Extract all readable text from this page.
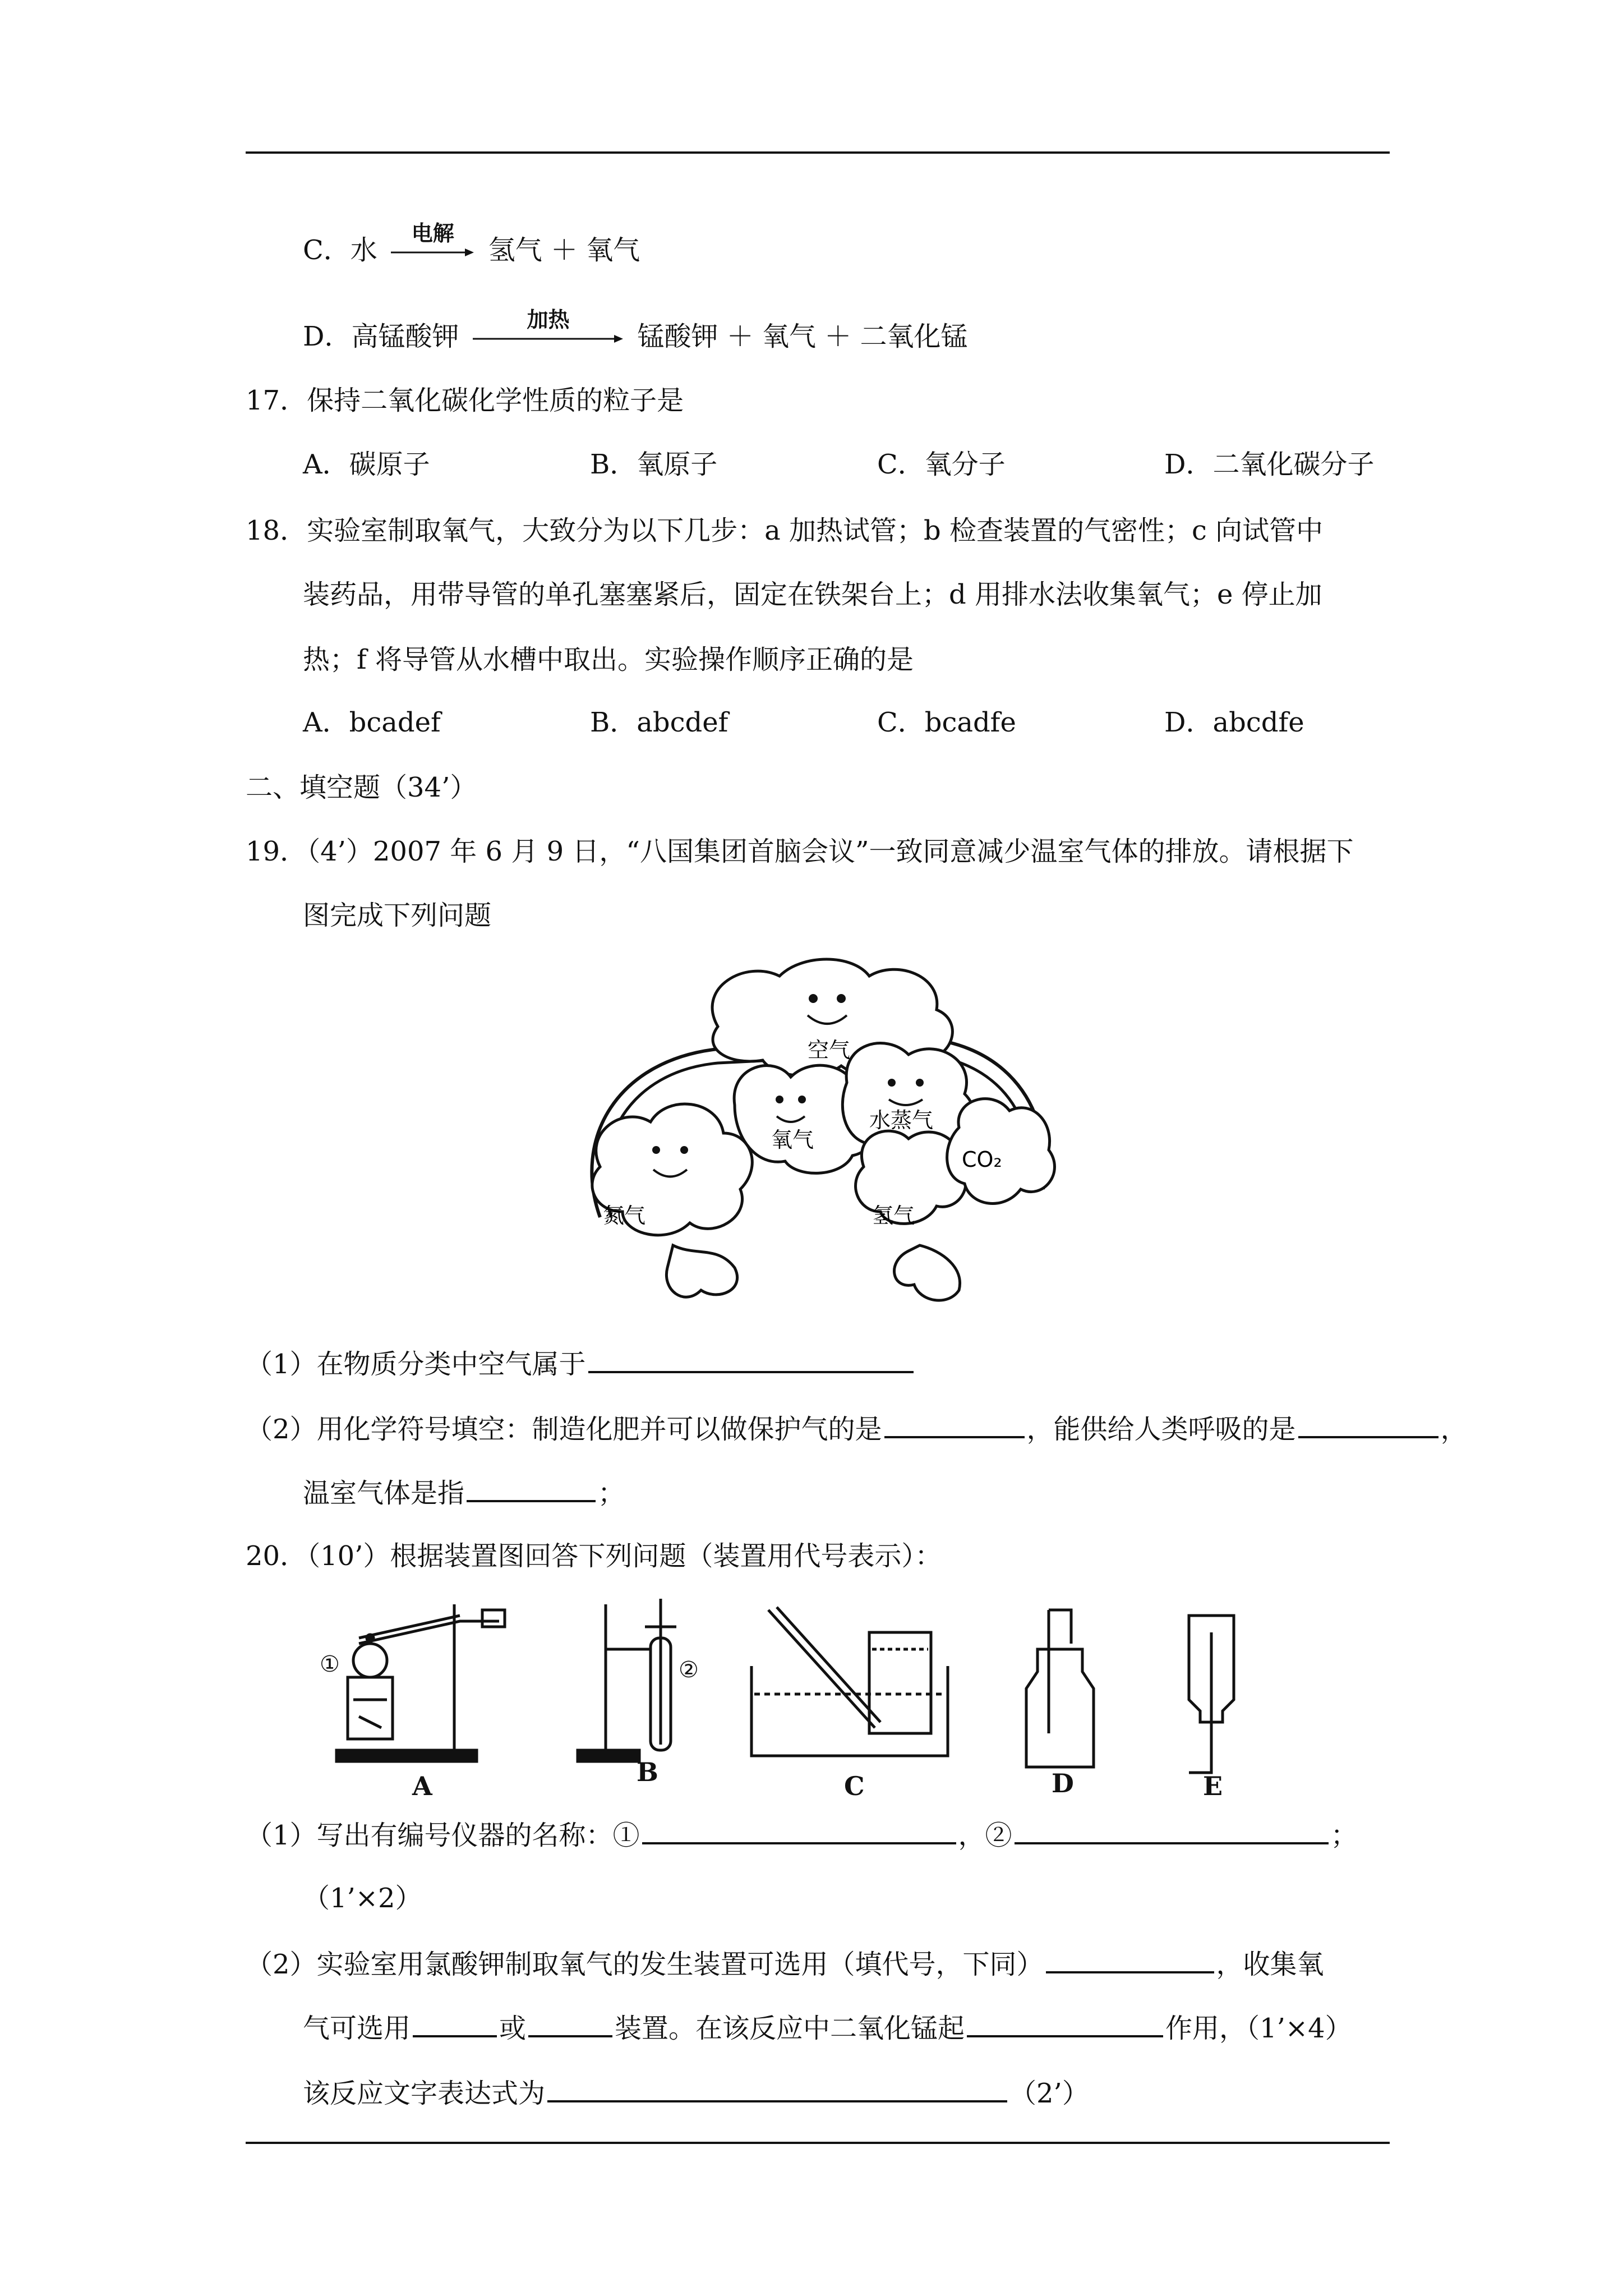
C．水
电解
氢气 ＋ 氧气
D．高锰酸钾
加热
锰酸钾 ＋ 氧气 ＋ 二氧化锰
17．保持二氧化碳化学性质的粒子是
A．碳原子	B．氧原子	C．氧分子	D．二氧化碳分子
18．实验室制取氧气，大致分为以下几步：a 加热试管；b 检查装置的气密性；c 向试管中
装药品，用带导管的单孔塞塞紧后，固定在铁架台上；d 用排水法收集氧气；e 停止加
热；f 将导管从水槽中取出。实验操作顺序正确的是
A．bcadef	B．abcdef	C．bcadfe	D．abcdfe
二、填空题（34’）
19．（4’）2007 年 6 月 9 日，“八国集团首脑会议”一致同意减少温室气体的排放。请根据下
图完成下列问题
空气
氮气
氧气
水蒸气
CO₂
氢气
（1）在物质分类中空气属于
（2）用化学符号填空：制造化肥并可以做保护气的是	，能供给人类呼吸的是	，
温室气体是指	；
20．（10’）根据装置图回答下列问题（装置用代号表示）：
①	②
A	B	C	D	E
（1）写出有编号仪器的名称：①	，②	；
（1’×2）
（2）实验室用氯酸钾制取氧气的发生装置可选用（填代号，下同）	，收集氧
气可选用	或	装置。在该反应中二氧化锰起	作用，（1’×4）
该反应文字表达式为	（2’）
